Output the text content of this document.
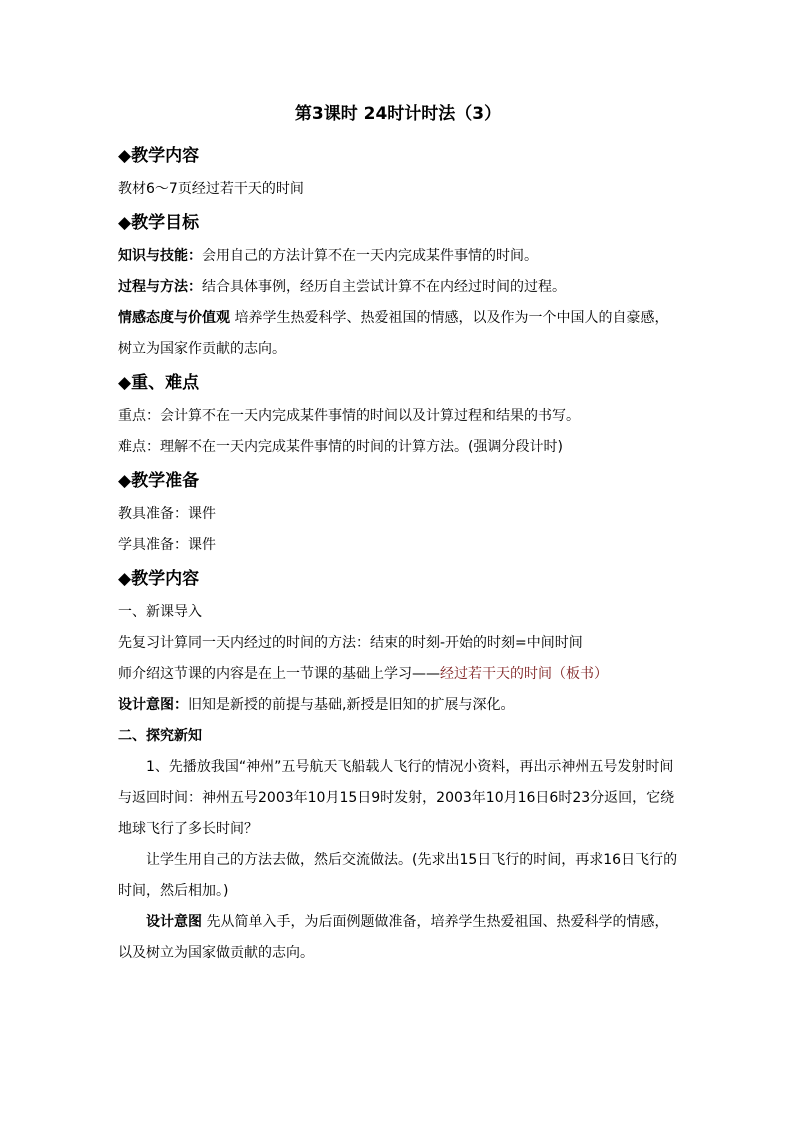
第3课时 24时计时法（3）
◆教学内容
教材6～7页经过若干天的时间
◆教学目标
知识与技能：会用自己的方法计算不在一天内完成某件事情的时间。
过程与方法：结合具体事例，经历自主尝试计算不在内经过时间的过程。
情感态度与价值观 培养学生热爱科学、热爱祖国的情感，以及作为一个中国人的自豪感，树立为国家作贡献的志向。
◆重、难点
重点：会计算不在一天内完成某件事情的时间以及计算过程和结果的书写。
难点：理解不在一天内完成某件事情的时间的计算方法。(强调分段计时)
◆教学准备
教具准备：课件
学具准备：课件
◆教学内容
一、新课导入
先复习计算同一天内经过的时间的方法：结束的时刻-开始的时刻=中间时间
师介绍这节课的内容是在上一节课的基础上学习——经过若干天的时间（板书）
设计意图：旧知是新授的前提与基础,新授是旧知的扩展与深化。
二、探究新知
1、先播放我国“神州”五号航天飞船载人飞行的情况小资料，再出示神州五号发射时间与返回时间：神州五号2003年10月15日9时发射，2003年10月16日6时23分返回，它绕地球飞行了多长时间？
让学生用自己的方法去做，然后交流做法。(先求出15日飞行的时间，再求16日飞行的时间，然后相加。)
设计意图 先从简单入手，为后面例题做准备，培养学生热爱祖国、热爱科学的情感，以及树立为国家做贡献的志向。
